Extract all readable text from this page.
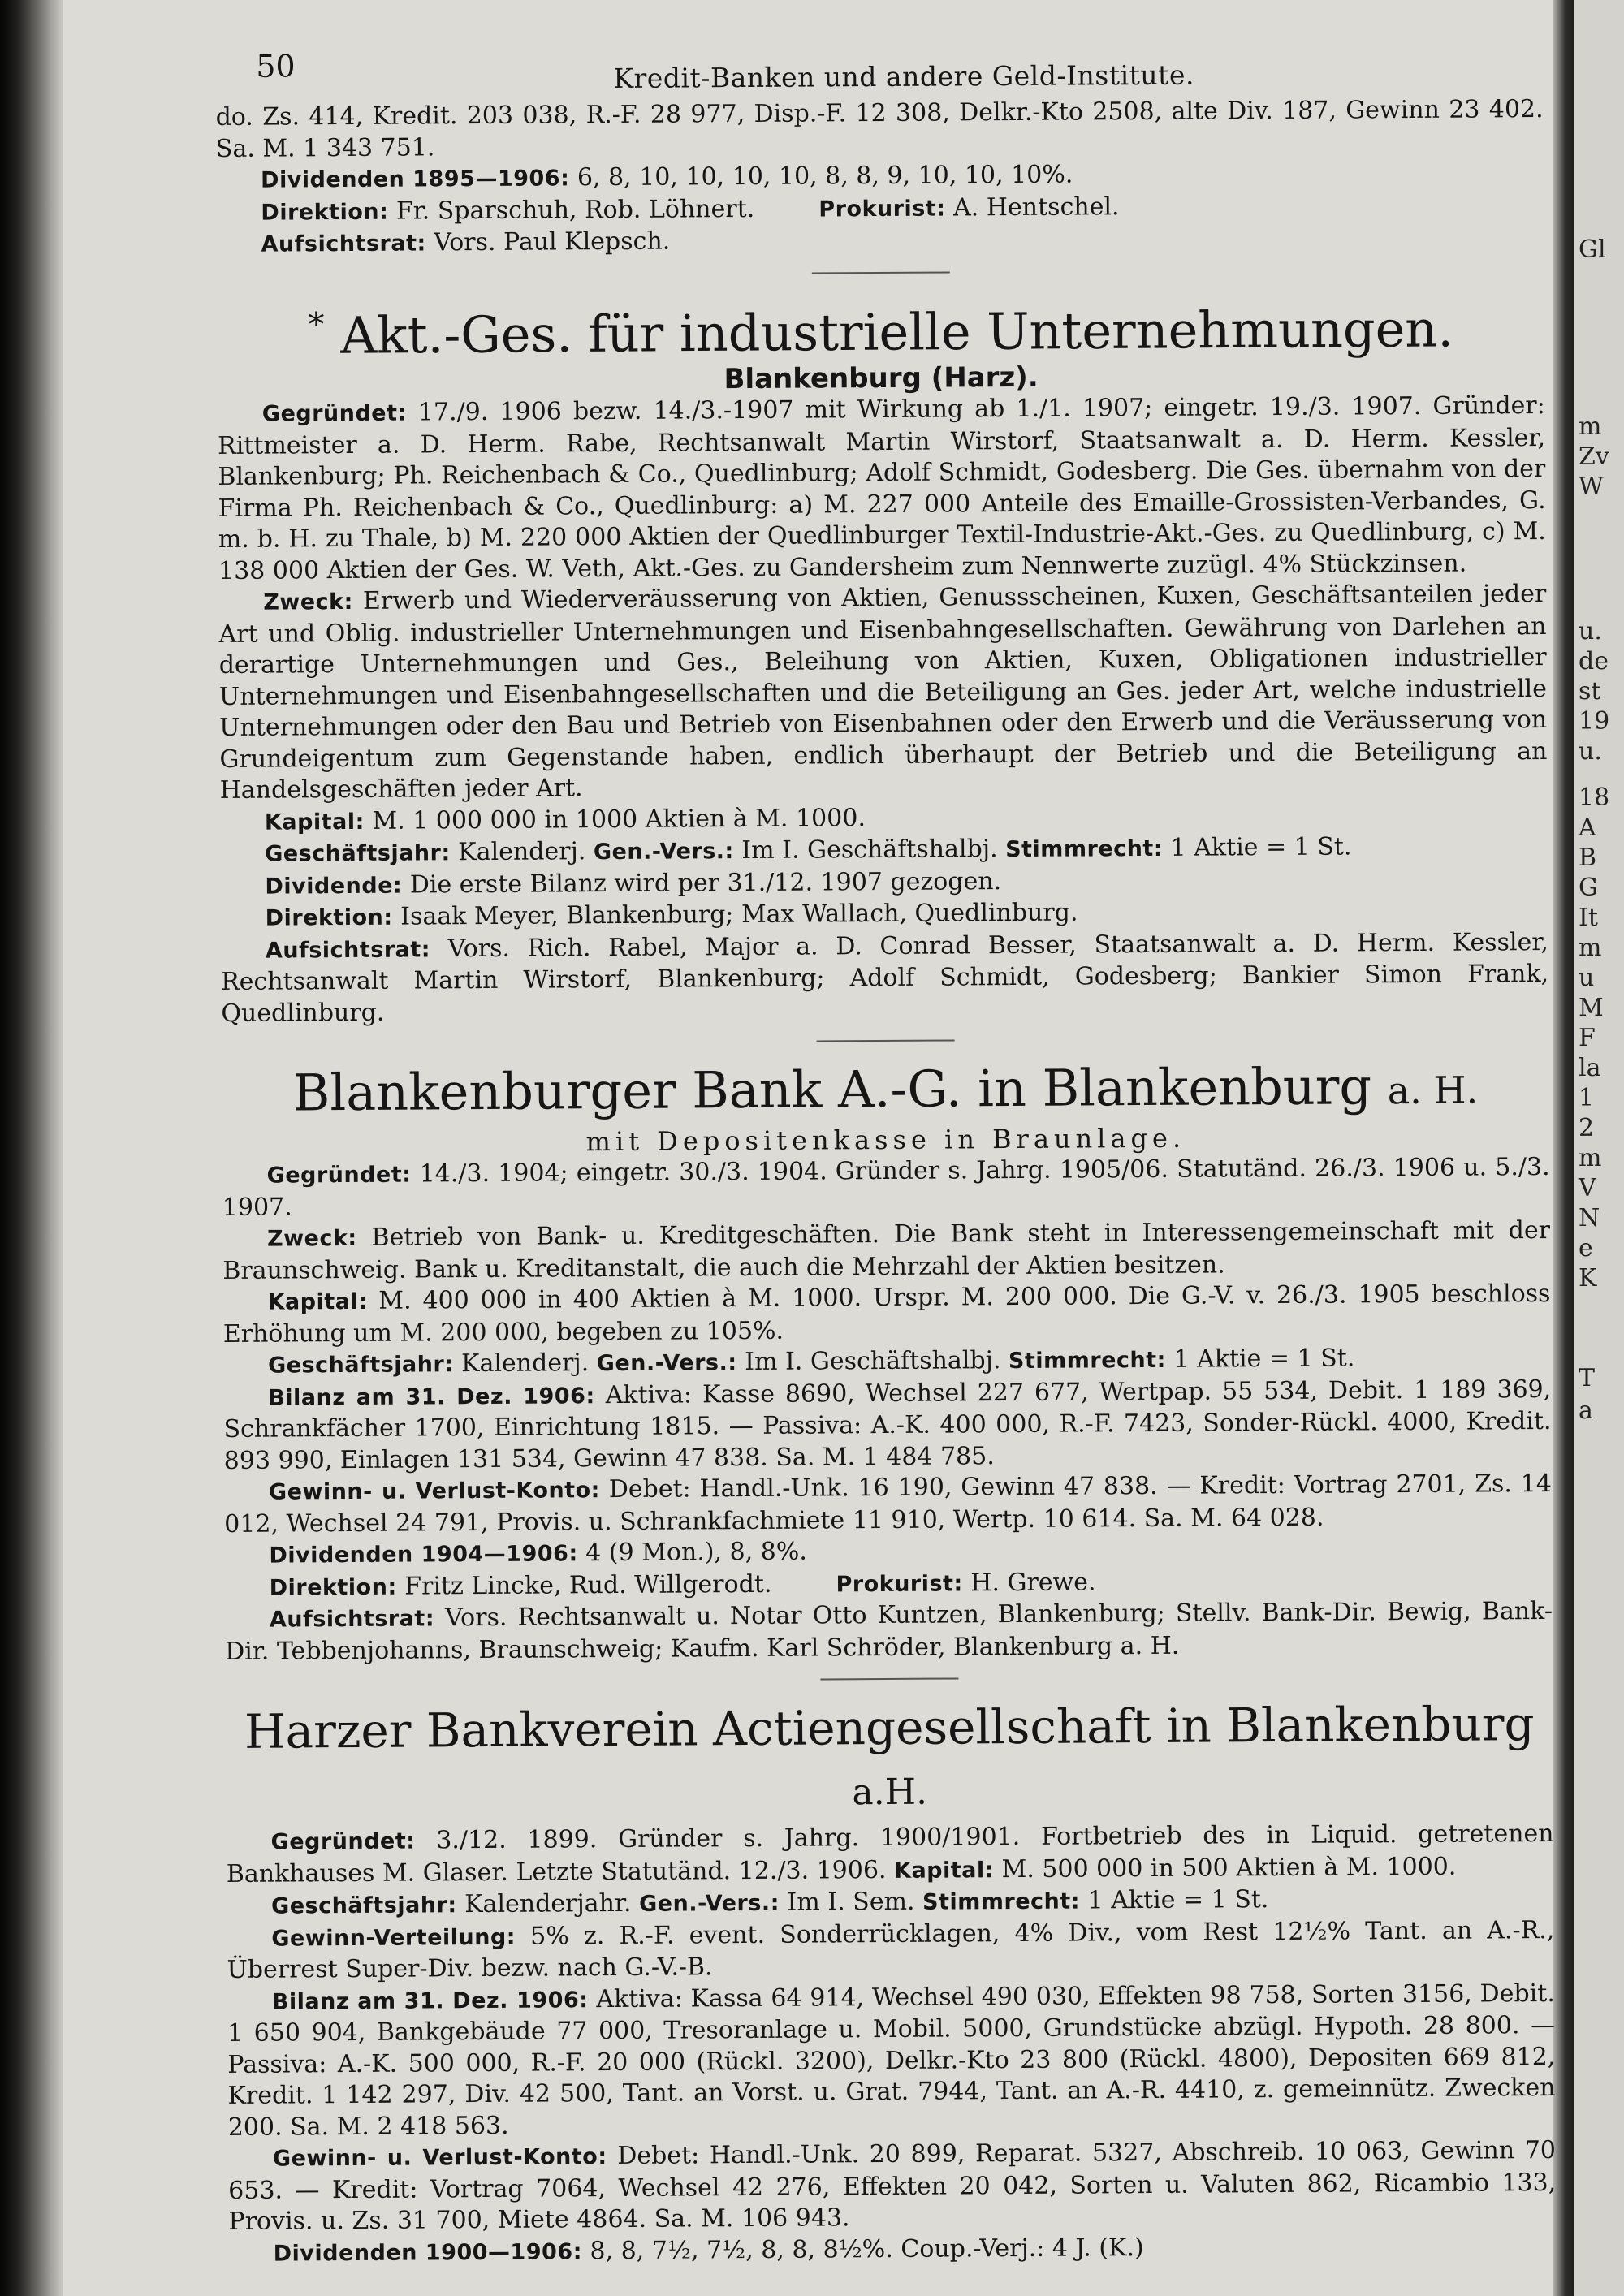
Gl
m
Zv
W
u.
de
st
19
u.
18
A
B
G
It
m
u
M
F
la
1
2
m
V
N
e
K
T
a
50	Kredit-Banken und andere Geld-Institute.

do. Zs. 414, Kredit. 203 038, R.-F. 28 977, Disp.-F. 12 308, Delkr.-Kto 2508, alte Div. 187, Gewinn 23 402. Sa. M. 1 343 751.

Dividenden 1895—1906: 6, 8, 10, 10, 10, 10, 8, 8, 9, 10, 10, 10%.

Direktion: Fr. Sparschuh, Rob. Löhnert.	Prokurist: A. Hentschel.

Aufsichtsrat: Vors. Paul Klepsch.

* Akt.-Ges. für industrielle Unternehmungen.
Blankenburg (Harz).

Gegründet: 17./9. 1906 bezw. 14./3.-1907 mit Wirkung ab 1./1. 1907; eingetr. 19./3. 1907. Gründer: Rittmeister a. D. Herm. Rabe, Rechtsanwalt Martin Wirstorf, Staatsanwalt a. D. Herm. Kessler, Blankenburg; Ph. Reichenbach & Co., Quedlinburg; Adolf Schmidt, Godesberg. Die Ges. übernahm von der Firma Ph. Reichenbach & Co., Quedlinburg: a) M. 227 000 Anteile des Emaille-Grossisten-Verbandes, G. m. b. H. zu Thale, b) M. 220 000 Aktien der Quedlinburger Textil-Industrie-Akt.-Ges. zu Quedlinburg, c) M. 138 000 Aktien der Ges. W. Veth, Akt.-Ges. zu Gandersheim zum Nennwerte zuzügl. 4% Stückzinsen.

Zweck: Erwerb und Wiederveräusserung von Aktien, Genussscheinen, Kuxen, Geschäftsanteilen jeder Art und Oblig. industrieller Unternehmungen und Eisenbahngesellschaften. Gewährung von Darlehen an derartige Unternehmungen und Ges., Beleihung von Aktien, Kuxen, Obligationen industrieller Unternehmungen und Eisenbahngesellschaften und die Beteiligung an Ges. jeder Art, welche industrielle Unternehmungen oder den Bau und Betrieb von Eisenbahnen oder den Erwerb und die Veräusserung von Grundeigentum zum Gegenstande haben, endlich überhaupt der Betrieb und die Beteiligung an Handelsgeschäften jeder Art.

Kapital: M. 1 000 000 in 1000 Aktien à M. 1000.

Geschäftsjahr: Kalenderj. Gen.-Vers.: Im I. Geschäftshalbj. Stimmrecht: 1 Aktie = 1 St.

Dividende: Die erste Bilanz wird per 31./12. 1907 gezogen.

Direktion: Isaak Meyer, Blankenburg; Max Wallach, Quedlinburg.

Aufsichtsrat: Vors. Rich. Rabel, Major a. D. Conrad Besser, Staatsanwalt a. D. Herm. Kessler, Rechtsanwalt Martin Wirstorf, Blankenburg; Adolf Schmidt, Godesberg; Bankier Simon Frank, Quedlinburg.

Blankenburger Bank A.-G. in Blankenburg a. H.
mit Depositenkasse in Braunlage.

Gegründet: 14./3. 1904; eingetr. 30./3. 1904. Gründer s. Jahrg. 1905/06. Statutänd. 26./3. 1906 u. 5./3. 1907.

Zweck: Betrieb von Bank- u. Kreditgeschäften. Die Bank steht in Interessengemeinschaft mit der Braunschweig. Bank u. Kreditanstalt, die auch die Mehrzahl der Aktien besitzen.

Kapital: M. 400 000 in 400 Aktien à M. 1000. Urspr. M. 200 000. Die G.-V. v. 26./3. 1905 beschloss Erhöhung um M. 200 000, begeben zu 105%.

Geschäftsjahr: Kalenderj. Gen.-Vers.: Im I. Geschäftshalbj. Stimmrecht: 1 Aktie = 1 St.

Bilanz am 31. Dez. 1906: Aktiva: Kasse 8690, Wechsel 227 677, Wertpap. 55 534, Debit. 1 189 369, Schrankfächer 1700, Einrichtung 1815. — Passiva: A.-K. 400 000, R.-F. 7423, Sonder-Rückl. 4000, Kredit. 893 990, Einlagen 131 534, Gewinn 47 838. Sa. M. 1 484 785.

Gewinn- u. Verlust-Konto: Debet: Handl.-Unk. 16 190, Gewinn 47 838. — Kredit: Vortrag 2701, Zs. 14 012, Wechsel 24 791, Provis. u. Schrankfachmiete 11 910, Wertp. 10 614. Sa. M. 64 028.

Dividenden 1904—1906: 4 (9 Mon.), 8, 8%.

Direktion: Fritz Lincke, Rud. Willgerodt.	Prokurist: H. Grewe.

Aufsichtsrat: Vors. Rechtsanwalt u. Notar Otto Kuntzen, Blankenburg; Stellv. Bank-Dir. Bewig, Bank-Dir. Tebbenjohanns, Braunschweig; Kaufm. Karl Schröder, Blankenburg a. H.

Harzer Bankverein Actiengesellschaft in Blankenburg a.H.

Gegründet: 3./12. 1899. Gründer s. Jahrg. 1900/1901. Fortbetrieb des in Liquid. getretenen Bankhauses M. Glaser. Letzte Statutänd. 12./3. 1906. Kapital: M. 500 000 in 500 Aktien à M. 1000.

Geschäftsjahr: Kalenderjahr. Gen.-Vers.: Im I. Sem. Stimmrecht: 1 Aktie = 1 St.

Gewinn-Verteilung: 5% z. R.-F. event. Sonderrücklagen, 4% Div., vom Rest 12½% Tant. an A.-R., Überrest Super-Div. bezw. nach G.-V.-B.

Bilanz am 31. Dez. 1906: Aktiva: Kassa 64 914, Wechsel 490 030, Effekten 98 758, Sorten 3156, Debit. 1 650 904, Bankgebäude 77 000, Tresoranlage u. Mobil. 5000, Grundstücke abzügl. Hypoth. 28 800. — Passiva: A.-K. 500 000, R.-F. 20 000 (Rückl. 3200), Delkr.-Kto 23 800 (Rückl. 4800), Depositen 669 812, Kredit. 1 142 297, Div. 42 500, Tant. an Vorst. u. Grat. 7944, Tant. an A.-R. 4410, z. gemeinnütz. Zwecken 200. Sa. M. 2 418 563.

Gewinn- u. Verlust-Konto: Debet: Handl.-Unk. 20 899, Reparat. 5327, Abschreib. 10 063, Gewinn 70 653. — Kredit: Vortrag 7064, Wechsel 42 276, Effekten 20 042, Sorten u. Valuten 862, Ricambio 133, Provis. u. Zs. 31 700, Miete 4864. Sa. M. 106 943.

Dividenden 1900—1906: 8, 8, 7½, 7½, 8, 8, 8½%. Coup.-Verj.: 4 J. (K.)
